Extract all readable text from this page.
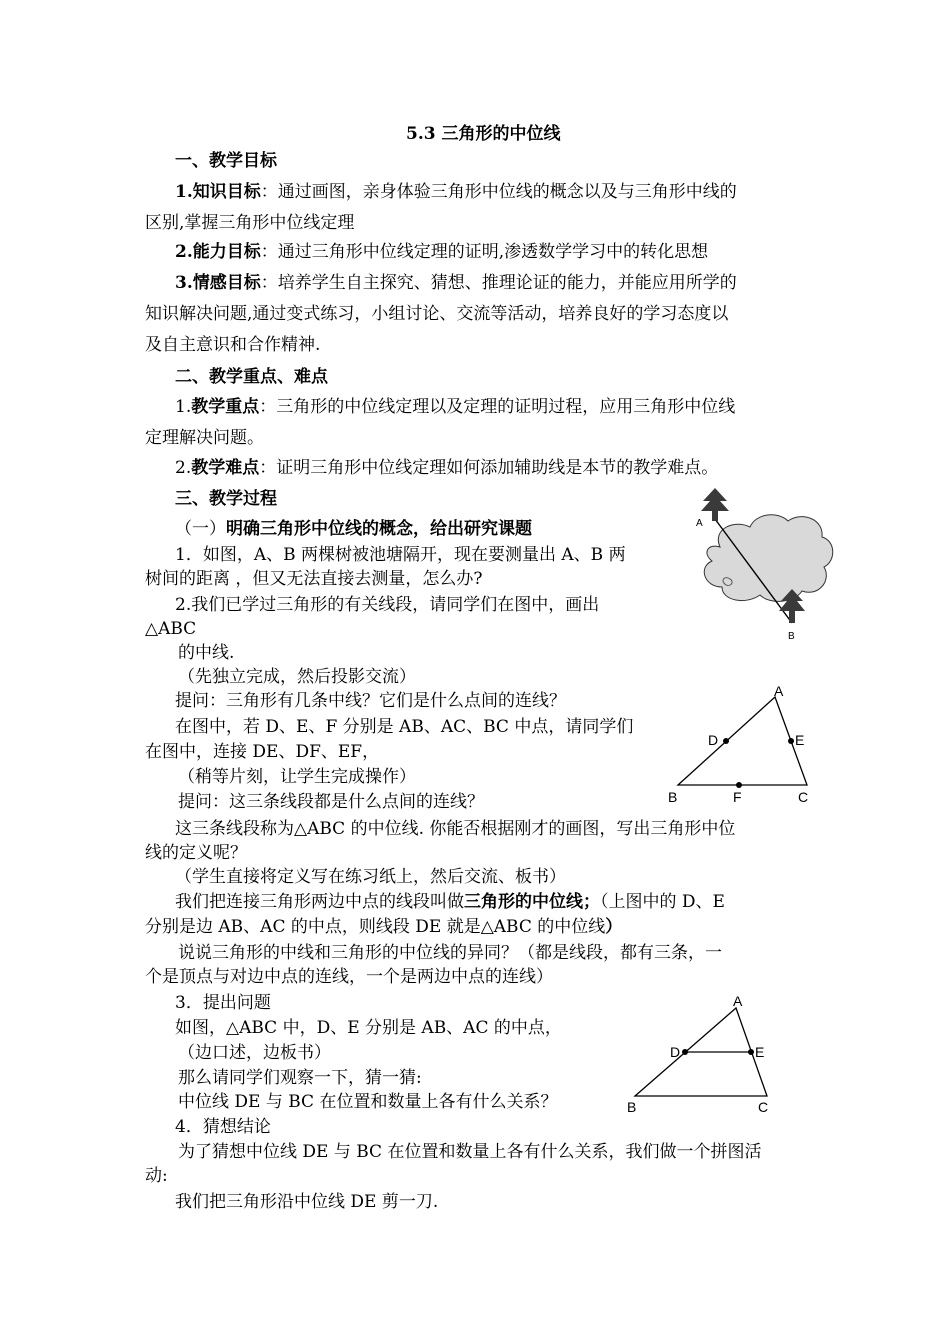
5.3 三角形的中位线
一、教学目标
1.知识目标：通过画图，亲身体验三角形中位线的概念以及与三角形中线的
区别,掌握三角形中位线定理
2.能力目标：通过三角形中位线定理的证明,渗透数学学习中的转化思想
3.情感目标：培养学生自主探究、猜想、推理论证的能力，并能应用所学的
知识解决问题,通过变式练习，小组讨论、交流等活动，培养良好的学习态度以
及自主意识和合作精神.
二、教学重点、难点
1.教学重点：三角形的中位线定理以及定理的证明过程，应用三角形中位线
定理解决问题。
2.教学难点：证明三角形中位线定理如何添加辅助线是本节的教学难点。
三、教学过程
（一）明确三角形中位线的概念，给出研究课题
1．如图，A、B 两棵树被池塘隔开，现在要测量出 A、B 两
树间的距离 ，但又无法直接去测量，怎么办?
2.我们已学过三角形的有关线段，请同学们在图中，画出
△ABC
的中线.
（先独立完成，然后投影交流）
提问：三角形有几条中线？它们是什么点间的连线？
在图中，若 D、E、F 分别是 AB、AC、BC 中点，请同学们
在图中，连接 DE、DF、EF，
（稍等片刻，让学生完成操作）
提问：这三条线段都是什么点间的连线？
这三条线段称为△ABC 的中位线. 你能否根据刚才的画图，写出三角形中位
线的定义呢？
（学生直接将定义写在练习纸上，然后交流、板书）
我们把连接三角形两边中点的线段叫做三角形的中位线；（上图中的 D、E
分别是边 AB、AC 的中点，则线段 DE 就是△ABC 的中位线）
说说三角形的中线和三角形的中位线的异同？（都是线段，都有三条，一
个是顶点与对边中点的连线，一个是两边中点的连线）
3．提出问题
如图，△ABC 中，D、E 分别是 AB、AC 的中点，
（边口述，边板书）
那么请同学们观察一下，猜一猜:
中位线 DE 与 BC 在位置和数量上各有什么关系？
4．猜想结论
为了猜想中位线 DE 与 BC 在位置和数量上各有什么关系，我们做一个拼图活
动:
我们把三角形沿中位线 DE 剪一刀.
A
B
A
B	C
D	E
F
A
B	C
D	E
